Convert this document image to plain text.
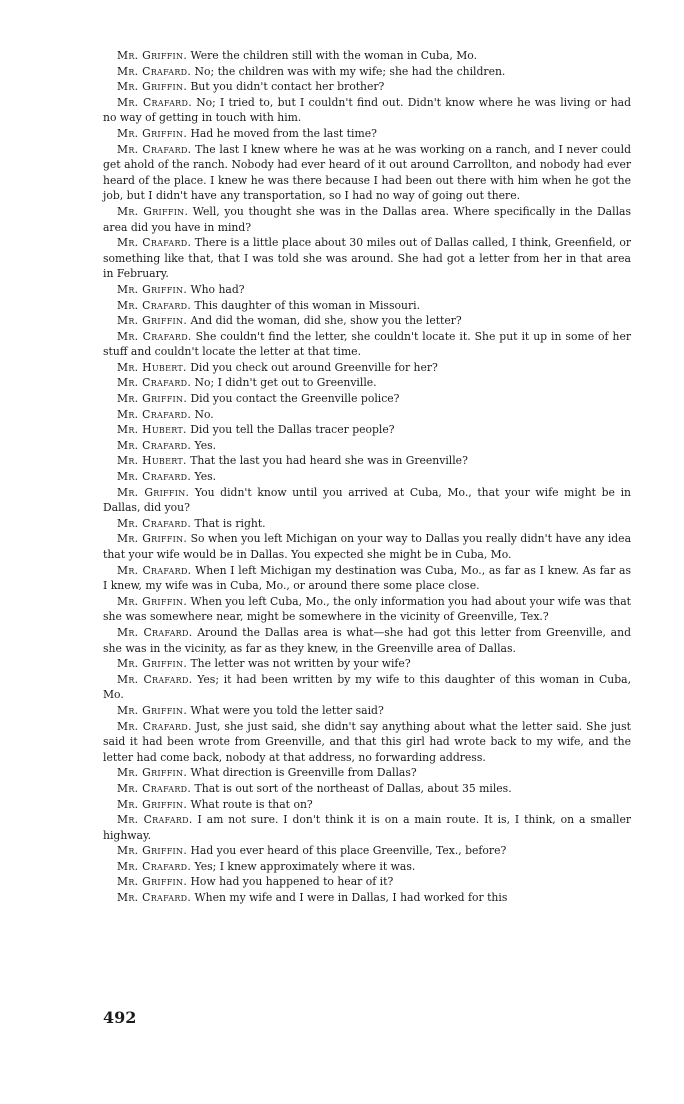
Mr. Griffin. Were the children still with the woman in Cuba, Mo.

Mr. Crafard. No; the children was with my wife; she had the children.

Mr. Griffin. But you didn't contact her brother?

Mr. Crafard. No; I tried to, but I couldn't find out. Didn't know where he was living or had no way of getting in touch with him.

Mr. Griffin. Had he moved from the last time?

Mr. Crafard. The last I knew where he was at he was working on a ranch, and I never could get ahold of the ranch. Nobody had ever heard of it out around Carrollton, and nobody had ever heard of the place. I knew he was there because I had been out there with him when he got the job, but I didn't have any transportation, so I had no way of going out there.

Mr. Griffin. Well, you thought she was in the Dallas area. Where specifically in the Dallas area did you have in mind?

Mr. Crafard. There is a little place about 30 miles out of Dallas called, I think, Greenfield, or something like that, that I was told she was around. She had got a letter from her in that area in February.

Mr. Griffin. Who had?

Mr. Crafard. This daughter of this woman in Missouri.

Mr. Griffin. And did the woman, did she, show you the letter?

Mr. Crafard. She couldn't find the letter, she couldn't locate it. She put it up in some of her stuff and couldn't locate the letter at that time.

Mr. Hubert. Did you check out around Greenville for her?

Mr. Crafard. No; I didn't get out to Greenville.

Mr. Griffin. Did you contact the Greenville police?

Mr. Crafard. No.

Mr. Hubert. Did you tell the Dallas tracer people?

Mr. Crafard. Yes.

Mr. Hubert. That the last you had heard she was in Greenville?

Mr. Crafard. Yes.

Mr. Griffin. You didn't know until you arrived at Cuba, Mo., that your wife might be in Dallas, did you?

Mr. Crafard. That is right.

Mr. Griffin. So when you left Michigan on your way to Dallas you really didn't have any idea that your wife would be in Dallas. You expected she might be in Cuba, Mo.

Mr. Crafard. When I left Michigan my destination was Cuba, Mo., as far as I knew. As far as I knew, my wife was in Cuba, Mo., or around there some place close.

Mr. Griffin. When you left Cuba, Mo., the only information you had about your wife was that she was somewhere near, might be somewhere in the vicinity of Greenville, Tex.?

Mr. Crafard. Around the Dallas area is what—she had got this letter from Greenville, and she was in the vicinity, as far as they knew, in the Greenville area of Dallas.

Mr. Griffin. The letter was not written by your wife?

Mr. Crafard. Yes; it had been written by my wife to this daughter of this woman in Cuba, Mo.

Mr. Griffin. What were you told the letter said?

Mr. Crafard. Just, she just said, she didn't say anything about what the letter said. She just said it had been wrote from Greenville, and that this girl had wrote back to my wife, and the letter had come back, nobody at that address, no forwarding address.

Mr. Griffin. What direction is Greenville from Dallas?

Mr. Crafard. That is out sort of the northeast of Dallas, about 35 miles.

Mr. Griffin. What route is that on?

Mr. Crafard. I am not sure. I don't think it is on a main route. It is, I think, on a smaller highway.

Mr. Griffin. Had you ever heard of this place Greenville, Tex., before?

Mr. Crafard. Yes; I knew approximately where it was.

Mr. Griffin. How had you happened to hear of it?

Mr. Crafard. When my wife and I were in Dallas, I had worked for this

492
